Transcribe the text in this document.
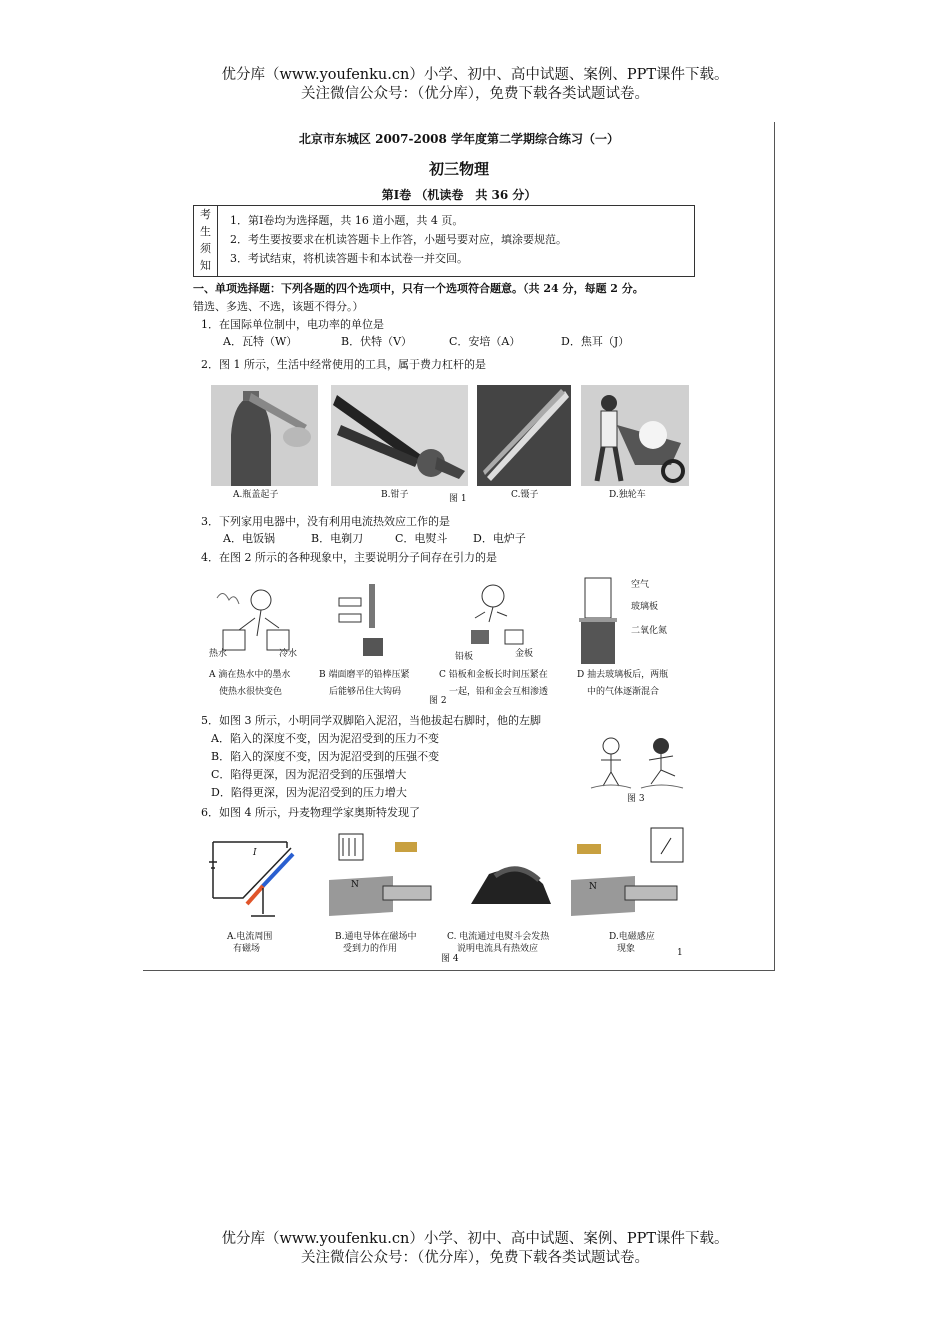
优分库（www.youfenku.cn）小学、初中、高中试题、案例、PPT课件下载。
关注微信公众号：（优分库），免费下载各类试题试卷。
北京市东城区 2007-2008 学年度第二学期综合练习（一）
初三物理
第Ⅰ卷 （机读卷　共 36 分）
考
生
须
知
1．第Ⅰ卷均为选择题，共 16 道小题，共 4 页。
2．考生要按要求在机读答题卡上作答，小题号要对应，填涂要规范。
3．考试结束，将机读答题卡和本试卷一并交回。
一、单项选择题：下列各题的四个选项中，只有一个选项符合题意。（共 24 分，每题 2 分。
错选、多选、不选，该题不得分。）
1．在国际单位制中，电功率的单位是
A．瓦特（W）	B．伏特（V）	C．安培（A）	D．焦耳（J）
2．图 1 所示，生活中经常使用的工具，属于费力杠杆的是
A.瓶盖起子	B.钳子	图 1	C.镊子	D.独轮车
3．下列家用电器中，没有利用电流热效应工作的是
A．电饭锅	B．电剃刀	C．电熨斗 D．电炉子
4．在图 2 所示的各种现象中，主要说明分子间存在引力的是
热水	冷水	铅板	金板
空气
玻璃板
二氧化氮
A 滴在热水中的墨水
使热水很快变色
B 端面磨平的铅棒压紧
后能够吊住大钩码
图 2
C 铅板和金板长时间压紧在
一起，铅和金会互相渗透
D 抽去玻璃板后，两瓶
中的气体逐渐混合
5．如图 3 所示，小明同学双脚陷入泥沼，当他拔起右脚时，他的左脚
A．陷入的深度不变，因为泥沼受到的压力不变
B．陷入的深度不变，因为泥沼受到的压强不变
C．陷得更深，因为泥沼受到的压强增大
D．陷得更深，因为泥沼受到的压力增大	图 3
6．如图 4 所示，丹麦物理学家奥斯特发现了
I
N	N
A.电流周围
有磁场
B.通电导体在磁场中
受到力的作用
C. 电流通过电熨斗会发热
说明电流具有热效应
D.电磁感应
现象
图 4
1
优分库（www.youfenku.cn）小学、初中、高中试题、案例、PPT课件下载。
关注微信公众号：（优分库），免费下载各类试题试卷。
